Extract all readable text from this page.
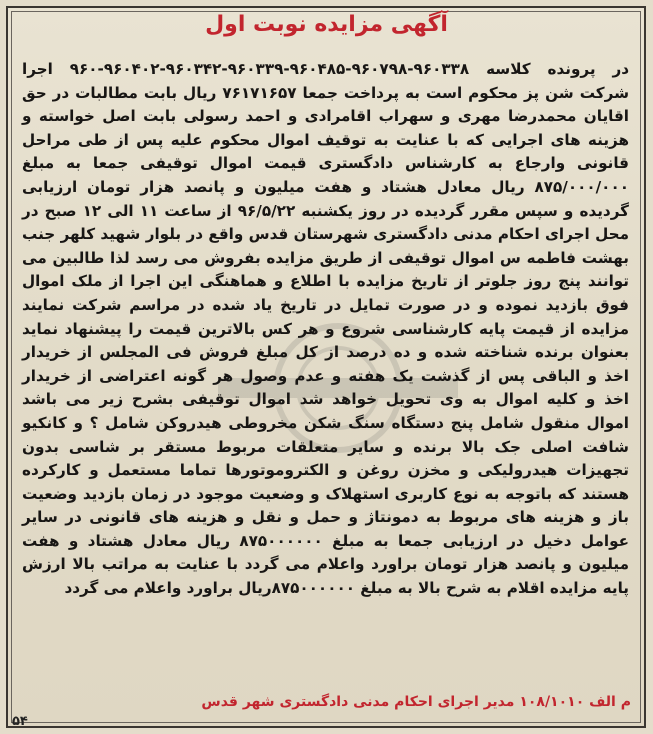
آگهی مزایده نوبت اول
در پرونده کلاسه ۹۶۰۳۳۸-۹۶۰۷۹۸-۹۶۰۴۸۵-۹۶۰۳۳۹-۹۶۰۳۴۲-۹۶۰۴۰۲-۹۶۰ اجرا شرکت شن پز محکوم است به پرداخت جمعا ۷۶۱۷۱۶۵۷ ریال بابت مطالبات در حق اقایان محمدرضا مهری و سهراب اقامرادی و احمد رسولی بابت اصل خواسته و هزینه های اجرایی که با عنایت به توقیف اموال محکوم علیه پس از طی مراحل قانونی وارجاع به کارشناس دادگستری قیمت اموال توقیفی جمعا به مبلغ ۸۷۵/۰۰۰/۰۰۰ ریال معادل هشتاد و هفت میلیون و پانصد هزار تومان ارزیابی گردیده و سپس مقرر گردیده در روز یکشنبه ۹۶/۵/۲۲ از ساعت ۱۱ الی ۱۲ صبح در محل اجرای احکام مدنی دادگستری شهرستان قدس واقع در بلوار شهید کلهر جنب بهشت فاطمه س اموال توقیفی از طریق مزایده بفروش می رسد لذا طالبین می توانند پنج روز جلوتر از تاریخ مزایده با اطلاع و هماهنگی این اجرا از ملک اموال فوق بازدید نموده و در صورت تمایل در تاریخ یاد شده در مراسم شرکت نمایند مزایده از قیمت پایه کارشناسی شروع و هر کس بالاترین قیمت را پیشنهاد نماید بعنوان برنده شناخته شده و ده درصد از کل مبلغ فروش فی المجلس از خریدار اخذ و الباقی پس از گذشت یک هفته و عدم وصول هر گونه اعتراضی از خریدار اخذ و کلیه اموال به وی تحویل خواهد شد اموال توقیفی بشرح زیر می باشد اموال منقول شامل پنج دستگاه سنگ شکن مخروطی هیدروکن شامل ؟ و کانکیو شافت اصلی جک بالا برنده و سایر متعلقات مربوط مستقر بر شاسی بدون تجهیزات هیدرولیکی و مخزن روغن و الکتروموتورها تماما مستعمل و کارکرده هستند که باتوجه به نوع کاربری استهلاک و وضعیت موجود در زمان بازدید وضعیت باز و هزینه های مربوط به دمونتاژ و حمل و نقل و هزینه های قانونی در سایر عوامل دخیل در ارزیابی جمعا به مبلغ ۸۷۵۰۰۰۰۰۰ ریال معادل هشتاد و هفت میلیون و پانصد هزار تومان براورد واعلام می گردد با عنایت به مراتب بالا ارزش پایه مزایده اقلام به شرح بالا به مبلغ ۸۷۵۰۰۰۰۰۰ریال براورد واعلام می گردد
م الف ۱۰۸/۱۰۱۰ مدیر اجرای احکام مدنی دادگستری شهر قدس
۵۴
